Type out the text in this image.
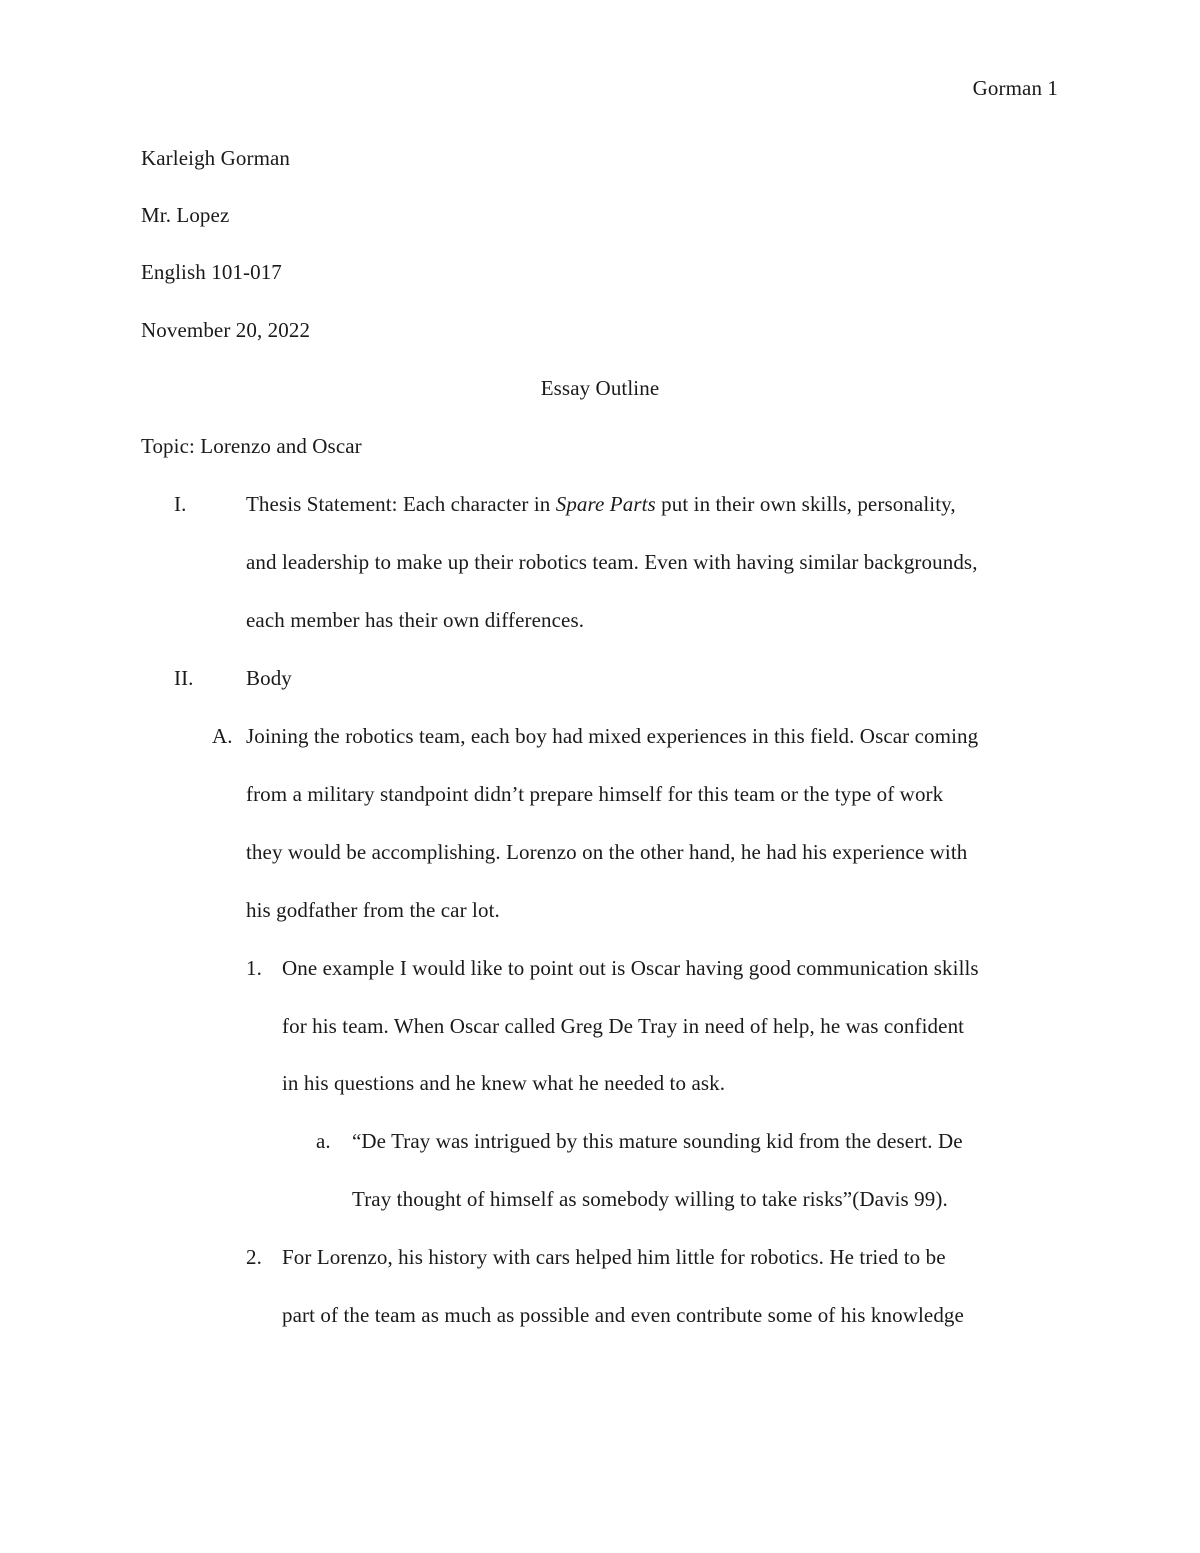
Gorman 1
Karleigh Gorman
Mr. Lopez
English 101-017
November 20, 2022
Essay Outline
Topic: Lorenzo and Oscar
I.	Thesis Statement: Each character in Spare Parts put in their own skills, personality,
and leadership to make up their robotics team. Even with having similar backgrounds,
each member has their own differences.
II. Body
A. Joining the robotics team, each boy had mixed experiences in this field. Oscar coming
from a military standpoint didn’t prepare himself for this team or the type of work
they would be accomplishing. Lorenzo on the other hand, he had his experience with
his godfather from the car lot.
1. One example I would like to point out is Oscar having good communication skills
for his team. When Oscar called Greg De Tray in need of help, he was confident
in his questions and he knew what he needed to ask.
a. “De Tray was intrigued by this mature sounding kid from the desert. De
Tray thought of himself as somebody willing to take risks”(Davis 99).
2. For Lorenzo, his history with cars helped him little for robotics. He tried to be
part of the team as much as possible and even contribute some of his knowledge
